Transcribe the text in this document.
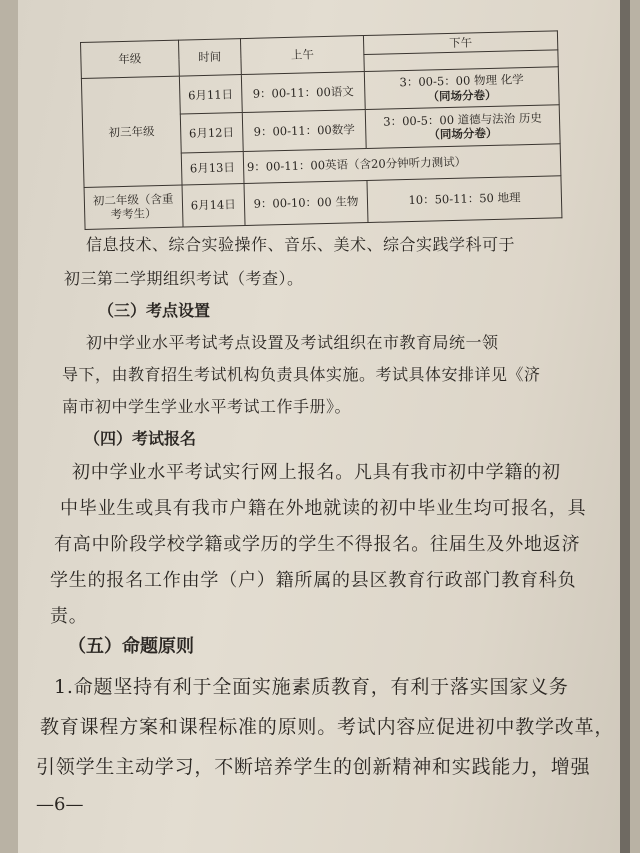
年级	时间	上午	下午

初三年级	6月11日	9：00-11：00语文	3：00-5：00 物理 化学
（同场分卷）

	6月12日	9：00-11：00数学	3：00-5：00 道德与法治 历史
（同场分卷）

	6月13日	9：00-11：00英语（含20分钟听力测试）	
初二年级（含重考考生）	6月14日	9：00-10：00 生物	10：50-11：50 地理
信息技术、综合实验操作、音乐、美术、综合实践学科可于
初三第二学期组织考试（考查）。
（三）考点设置
初中学业水平考试考点设置及考试组织在市教育局统一领
导下，由教育招生考试机构负责具体实施。考试具体安排详见《济
南市初中学生学业水平考试工作手册》。
（四）考试报名
初中学业水平考试实行网上报名。凡具有我市初中学籍的初
中毕业生或具有我市户籍在外地就读的初中毕业生均可报名，具
有高中阶段学校学籍或学历的学生不得报名。往届生及外地返济
学生的报名工作由学（户）籍所属的县区教育行政部门教育科负
责。
（五）命题原则
1.命题坚持有利于全面实施素质教育，有利于落实国家义务
教育课程方案和课程标准的原则。考试内容应促进初中教学改革，
引领学生主动学习，不断培养学生的创新精神和实践能力，增强
—6—
